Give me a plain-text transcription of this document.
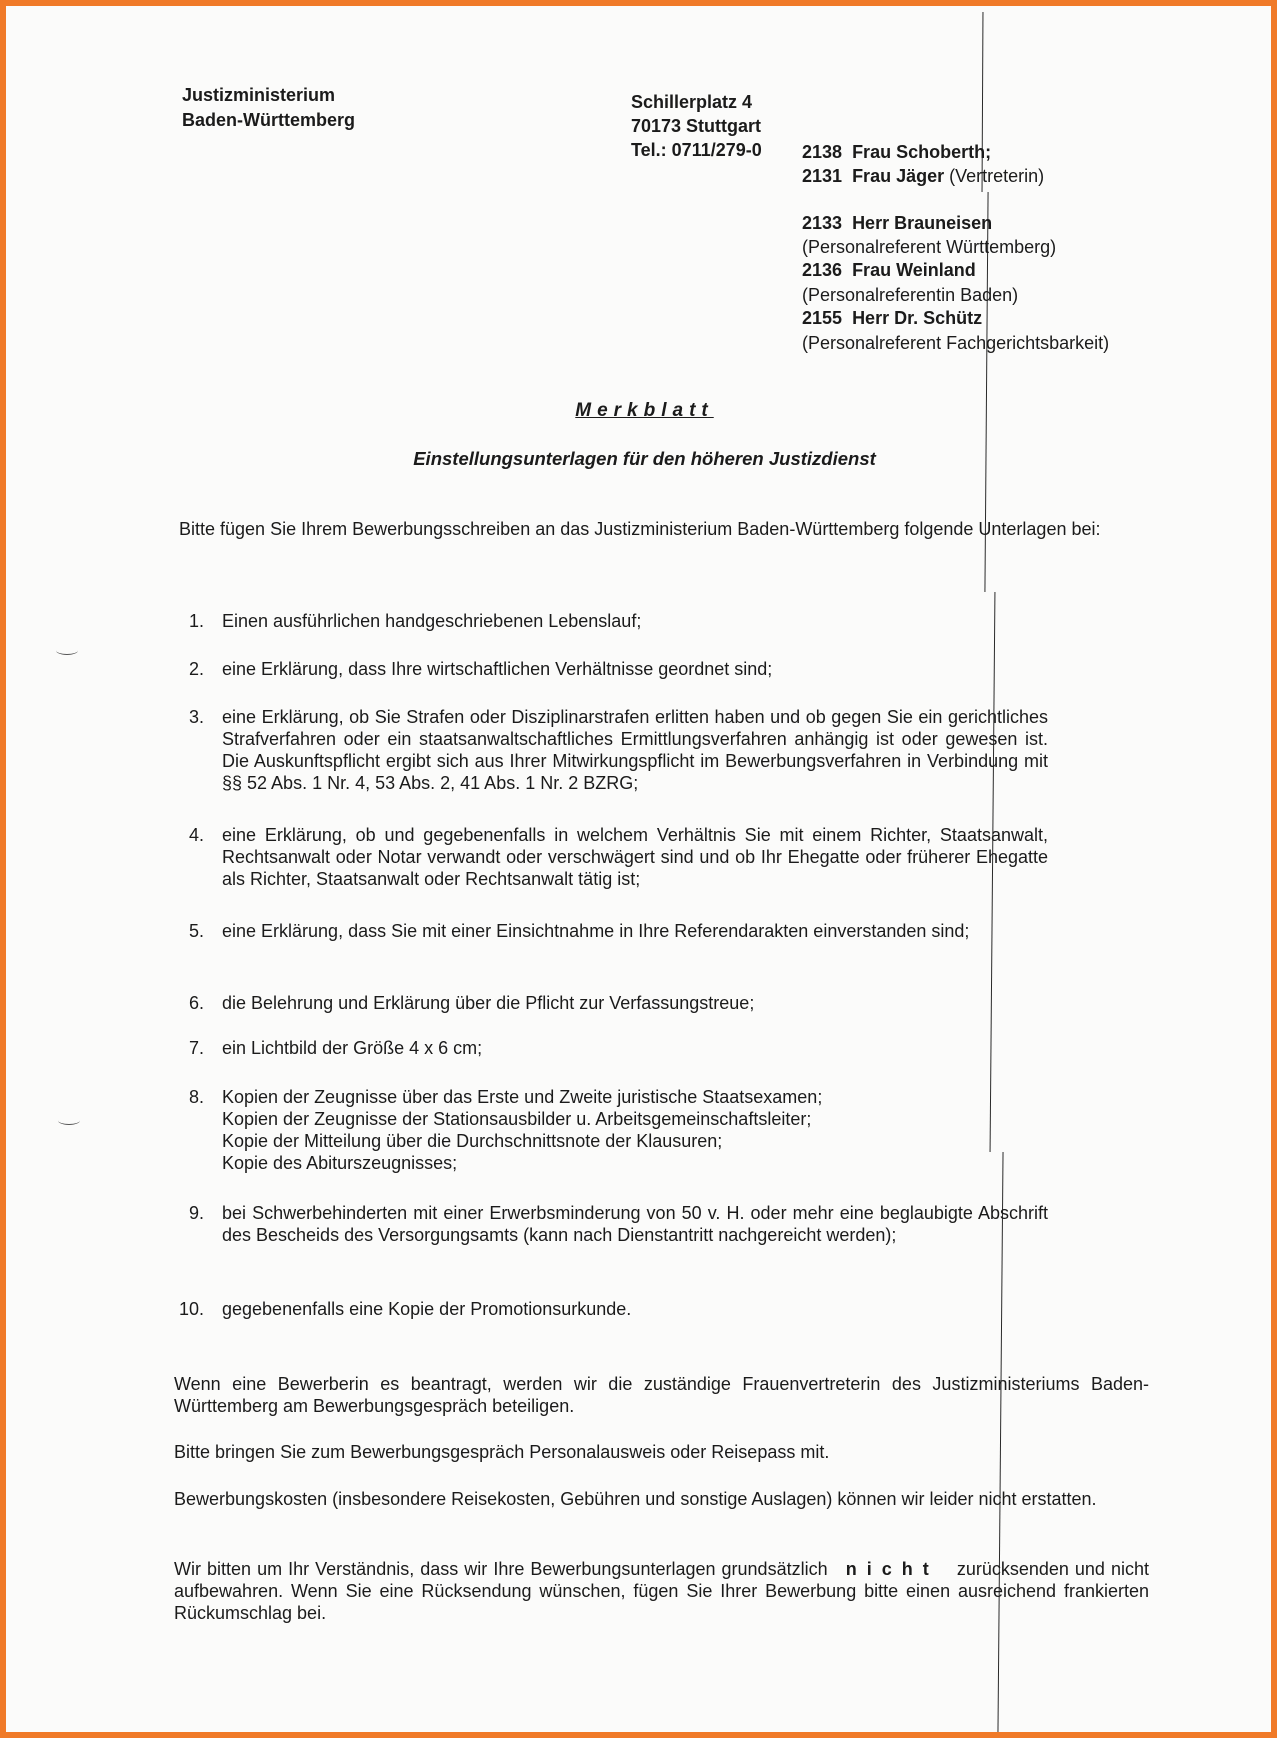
Justizministerium
Baden-Württemberg
Schillerplatz 4
70173 Stuttgart
Tel.: 0711/279-0 2138 Frau Schoberth;
2131 Frau Jäger (Vertreterin)
2133 Herr Brauneisen
(Personalreferent Württemberg)
2136 Frau Weinland
(Personalreferentin Baden)
2155 Herr Dr. Schütz
(Personalreferent Fachgerichtsbarkeit)
Merkblatt
Einstellungsunterlagen für den höheren Justizdienst
Bitte fügen Sie Ihrem Bewerbungsschreiben an das Justizministerium Baden-Württemberg folgende Unterlagen bei:
1. Einen ausführlichen handgeschriebenen Lebenslauf;
2. eine Erklärung, dass Ihre wirtschaftlichen Verhältnisse geordnet sind;
3. eine Erklärung, ob Sie Strafen oder Disziplinarstrafen erlitten haben und ob gegen Sie ein gerichtliches Strafverfahren oder ein staatsanwaltschaftliches Ermittlungsverfahren anhängig ist oder gewesen ist. Die Auskunftspflicht ergibt sich aus Ihrer Mitwirkungspflicht im Bewerbungsverfahren in Verbindung mit §§ 52 Abs. 1 Nr. 4, 53 Abs. 2, 41 Abs. 1 Nr. 2 BZRG;
4. eine Erklärung, ob und gegebenenfalls in welchem Verhältnis Sie mit einem Richter, Staatsanwalt, Rechtsanwalt oder Notar verwandt oder verschwägert sind und ob Ihr Ehegatte oder früherer Ehegatte als Richter, Staatsanwalt oder Rechtsanwalt tätig ist;
5. eine Erklärung, dass Sie mit einer Einsichtnahme in Ihre Referendarakten einverstanden sind;
6. die Belehrung und Erklärung über die Pflicht zur Verfassungstreue;
7. ein Lichtbild der Größe 4 x 6 cm;
8. Kopien der Zeugnisse über das Erste und Zweite juristische Staatsexamen;
Kopien der Zeugnisse der Stationsausbilder u. Arbeitsgemeinschaftsleiter;
Kopie der Mitteilung über die Durchschnittsnote der Klausuren;
Kopie des Abiturszeugnisses;
9. bei Schwerbehinderten mit einer Erwerbsminderung von 50 v. H. oder mehr eine beglaubigte Abschrift des Bescheids des Versorgungsamts (kann nach Dienstantritt nachgereicht werden);
10. gegebenenfalls eine Kopie der Promotionsurkunde.
Wenn eine Bewerberin es beantragt, werden wir die zuständige Frauenvertreterin des Justizministeriums Baden-Württemberg am Bewerbungsgespräch beteiligen.
Bitte bringen Sie zum Bewerbungsgespräch Personalausweis oder Reisepass mit.
Bewerbungskosten (insbesondere Reisekosten, Gebühren und sonstige Auslagen) können wir leider nicht erstatten.
Wir bitten um Ihr Verständnis, dass wir Ihre Bewerbungsunterlagen grundsätzlich nicht zurücksenden und nicht aufbewahren. Wenn Sie eine Rücksendung wünschen, fügen Sie Ihrer Bewerbung bitte einen ausreichend frankierten Rückumschlag bei.
